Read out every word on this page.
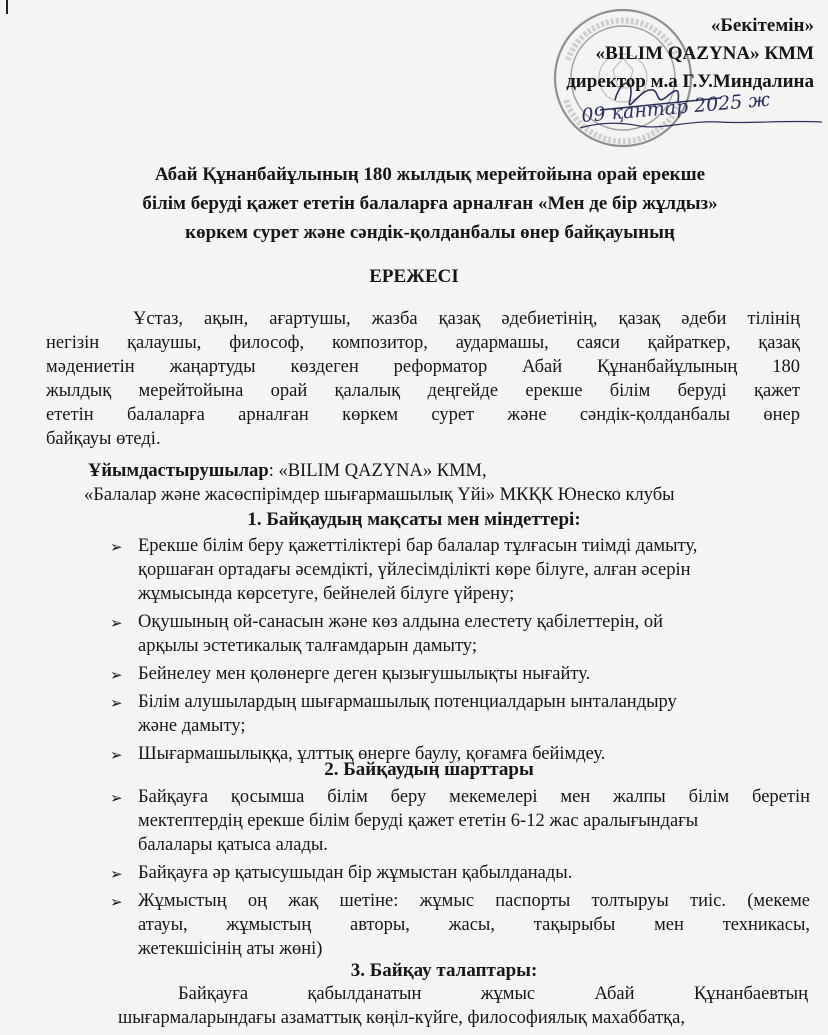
09 қантар 2025 ж
«Бекітемін»
«BILIM QAZYNA» КММ
директор м.а Г.У.Миндалина
Абай Құнанбайұлының 180 жылдық мерейтойына орай ерекше
білім беруді қажет ететін балаларға арналған «Мен де бір жұлдыз»
көркем сурет және сәндік-қолданбалы өнер байқауының
ЕРЕЖЕСІ
Ұстаз, ақын, ағартушы, жазба қазақ әдебиетінің, қазақ әдеби тілінің
негізін қалаушы, философ, композитор, аудармашы, саяси қайраткер, қазақ
мәдениетін жаңартуды көздеген реформатор Абай Құнанбайұлының 180
жылдық мерейтойына орай қалалық деңгейде ерекше білім беруді қажет
ететін балаларға арналған көркем сурет және сәндік-қолданбалы өнер
байқауы өтеді.
Ұйымдастырушылар: «BILIM QAZYNA» КММ,
«Балалар және жасөспірімдер шығармашылық Үйі» МКҚК Юнеско клубы
1. Байқаудың мақсаты мен міндеттері:
➢ Ерекше білім беру қажеттіліктері бар балалар тұлғасын тиімді дамыту,
қоршаған ортадағы әсемдікті, үйлесімділікті көре білуге, алған әсерін
жұмысында көрсетуге, бейнелей білуге үйрену;
➢ Оқушының ой-санасын және көз алдына елестету қабілеттерін, ой
арқылы эстетикалық талғамдарын дамыту;
➢ Бейнелеу мен қолөнерге деген қызығушылықты нығайту.
➢ Білім алушылардың шығармашылық потенциалдарын ынталандыру
және дамыту;
➢ Шығармашылыққа, ұлттық өнерге баулу, қоғамға бейімдеу.
2. Байқаудың шарттары
➢ Байқауға қосымша білім беру мекемелері мен жалпы білім беретін
мектептердің ерекше білім беруді қажет ететін 6-12 жас аралығындағы
балалары қатыса алады.
➢ Байқауға әр қатысушыдан бір жұмыстан қабылданады.
➢ Жұмыстың оң жақ шетіне: жұмыс паспорты толтыруы тиіс. (мекеме
атауы, жұмыстың авторы, жасы, тақырыбы мен техникасы,
жетекшісінің аты жөні)
3. Байқау талаптары:
Байқауға қабылданатын жұмыс Абай Құнанбаевтың
шығармаларындағы азаматтық көңіл-күйге, философиялық махаббатқа,
